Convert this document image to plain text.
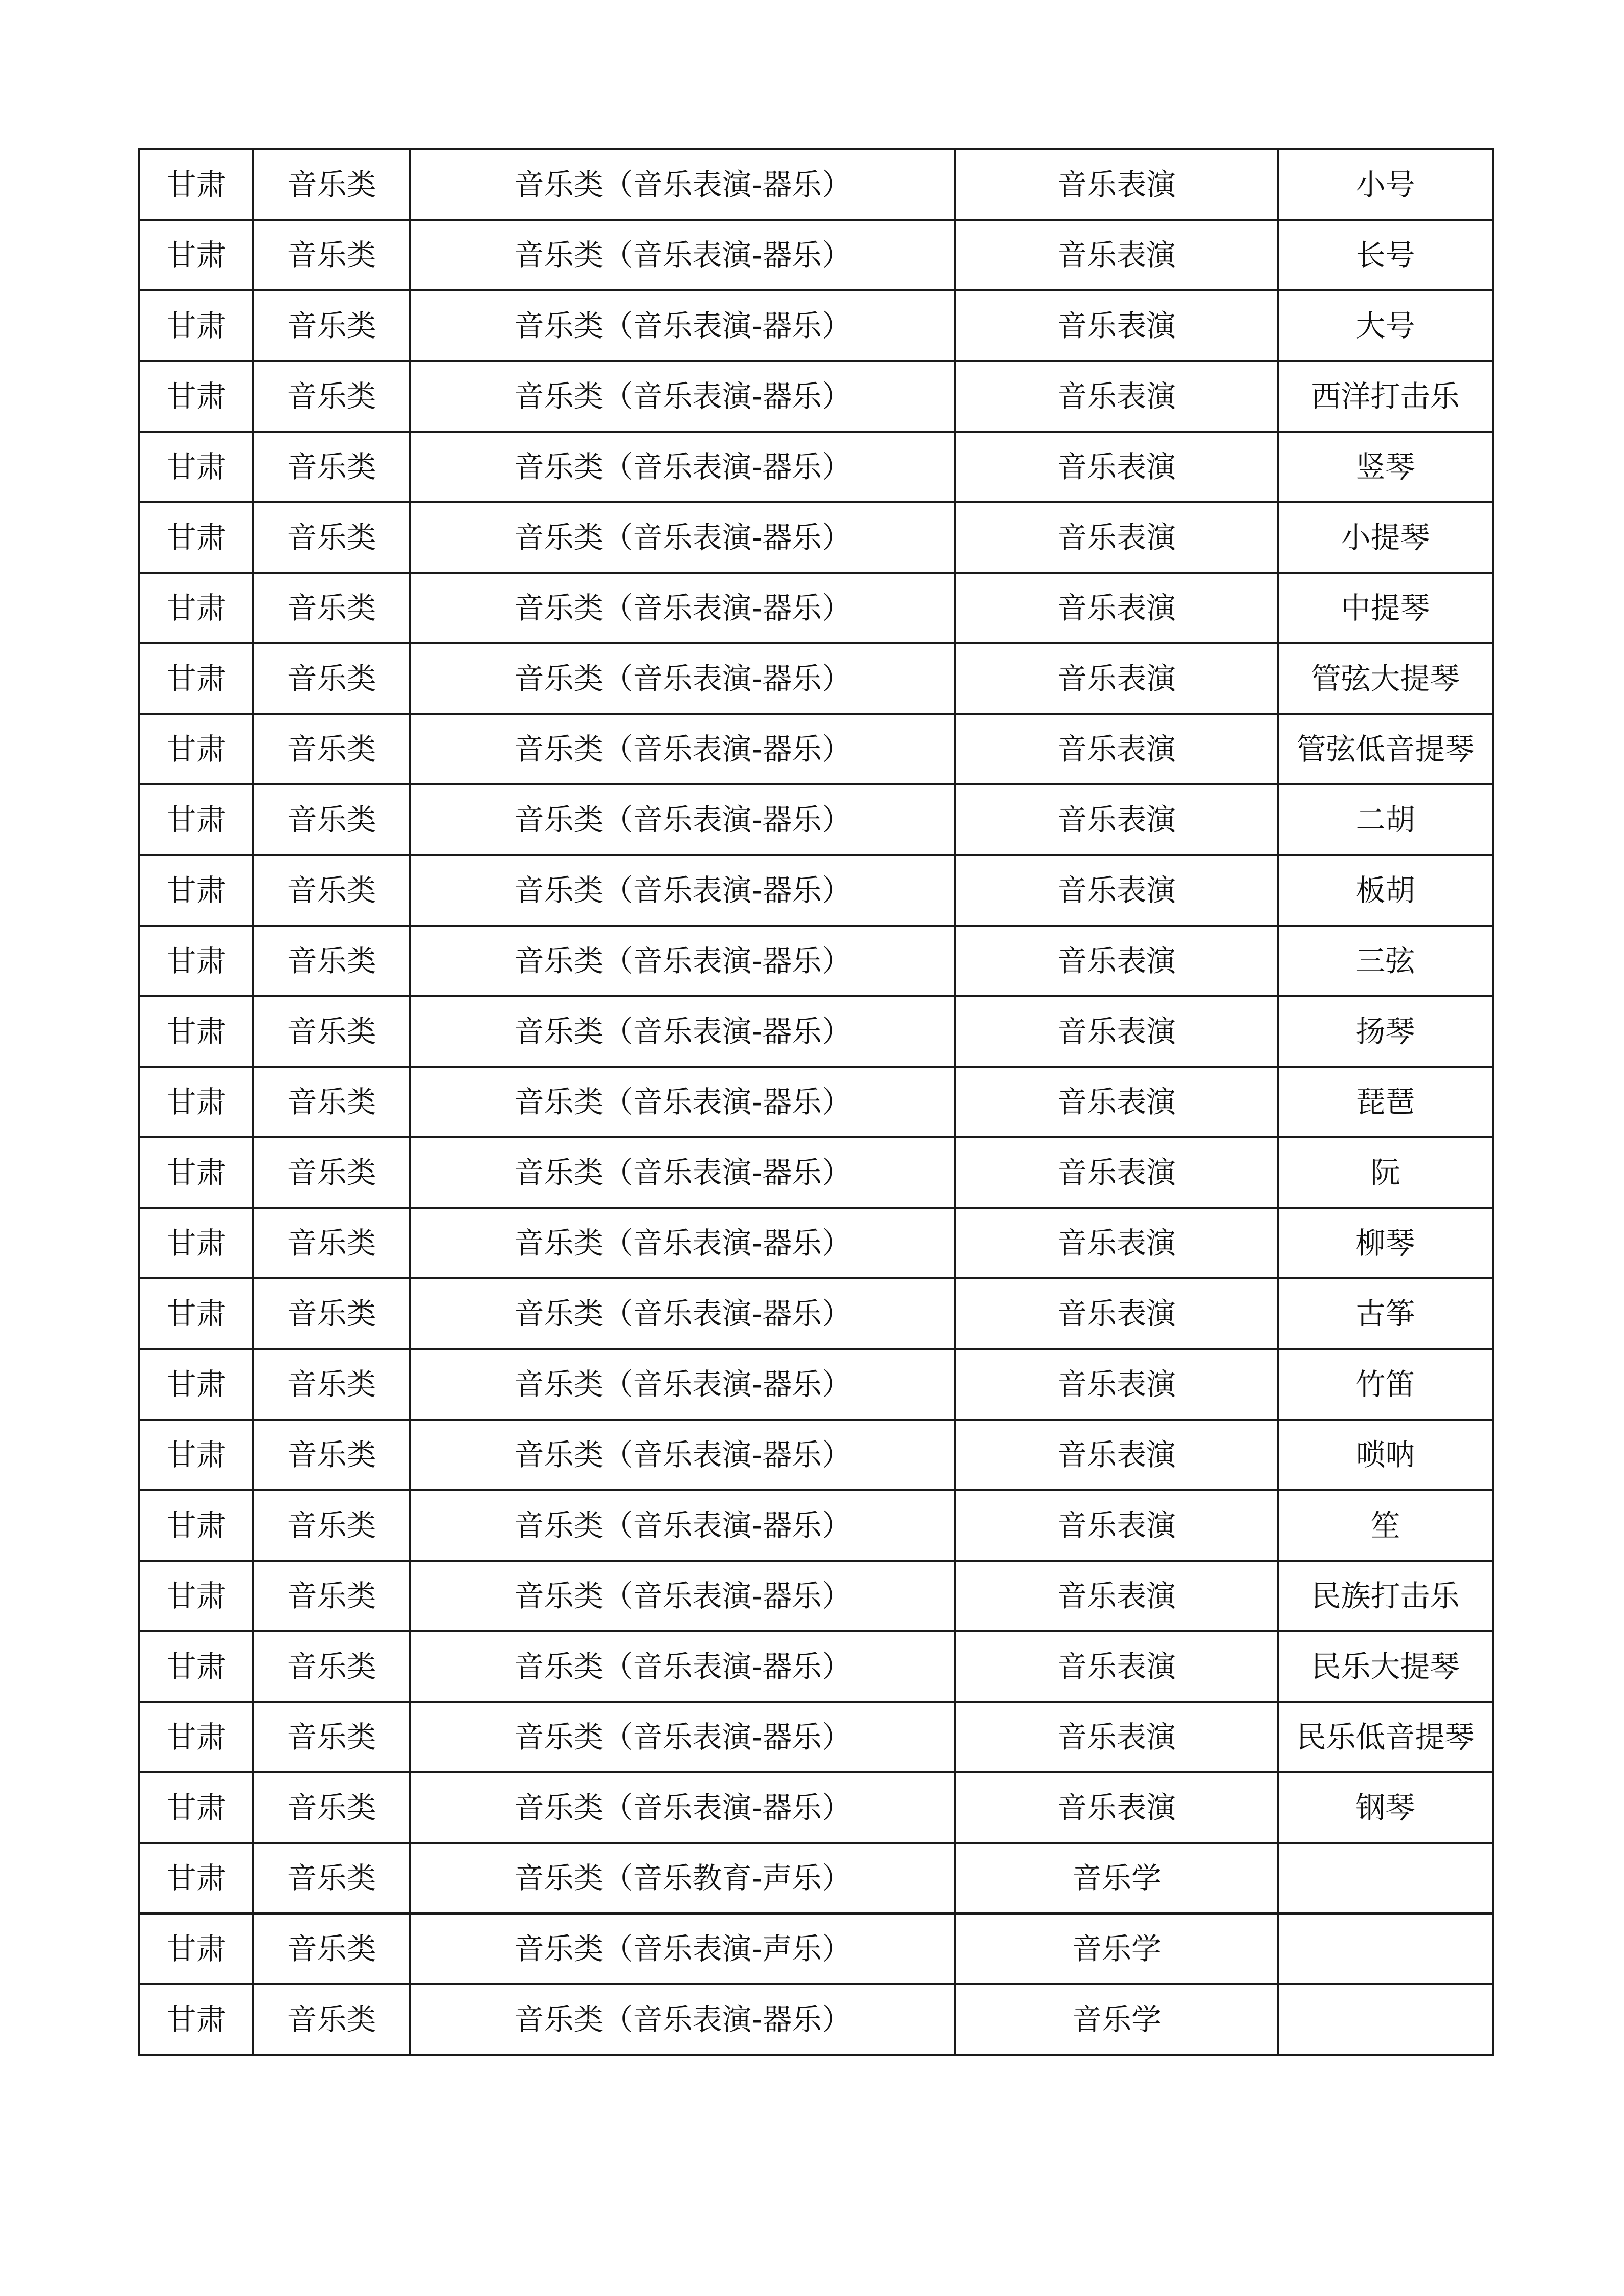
甘肃	音乐类	音乐类（音乐表演-器乐）	音乐表演	小号
甘肃	音乐类	音乐类（音乐表演-器乐）	音乐表演	长号
甘肃	音乐类	音乐类（音乐表演-器乐）	音乐表演	大号
甘肃	音乐类	音乐类（音乐表演-器乐）	音乐表演	西洋打击乐
甘肃	音乐类	音乐类（音乐表演-器乐）	音乐表演	竖琴
甘肃	音乐类	音乐类（音乐表演-器乐）	音乐表演	小提琴
甘肃	音乐类	音乐类（音乐表演-器乐）	音乐表演	中提琴
甘肃	音乐类	音乐类（音乐表演-器乐）	音乐表演	管弦大提琴
甘肃	音乐类	音乐类（音乐表演-器乐）	音乐表演	管弦低音提琴
甘肃	音乐类	音乐类（音乐表演-器乐）	音乐表演	二胡
甘肃	音乐类	音乐类（音乐表演-器乐）	音乐表演	板胡
甘肃	音乐类	音乐类（音乐表演-器乐）	音乐表演	三弦
甘肃	音乐类	音乐类（音乐表演-器乐）	音乐表演	扬琴
甘肃	音乐类	音乐类（音乐表演-器乐）	音乐表演	琵琶
甘肃	音乐类	音乐类（音乐表演-器乐）	音乐表演	阮
甘肃	音乐类	音乐类（音乐表演-器乐）	音乐表演	柳琴
甘肃	音乐类	音乐类（音乐表演-器乐）	音乐表演	古筝
甘肃	音乐类	音乐类（音乐表演-器乐）	音乐表演	竹笛
甘肃	音乐类	音乐类（音乐表演-器乐）	音乐表演	唢呐
甘肃	音乐类	音乐类（音乐表演-器乐）	音乐表演	笙
甘肃	音乐类	音乐类（音乐表演-器乐）	音乐表演	民族打击乐
甘肃	音乐类	音乐类（音乐表演-器乐）	音乐表演	民乐大提琴
甘肃	音乐类	音乐类（音乐表演-器乐）	音乐表演	民乐低音提琴
甘肃	音乐类	音乐类（音乐表演-器乐）	音乐表演	钢琴
甘肃	音乐类	音乐类（音乐教育-声乐）	音乐学	
甘肃	音乐类	音乐类（音乐表演-声乐）	音乐学	
甘肃	音乐类	音乐类（音乐表演-器乐）	音乐学	
